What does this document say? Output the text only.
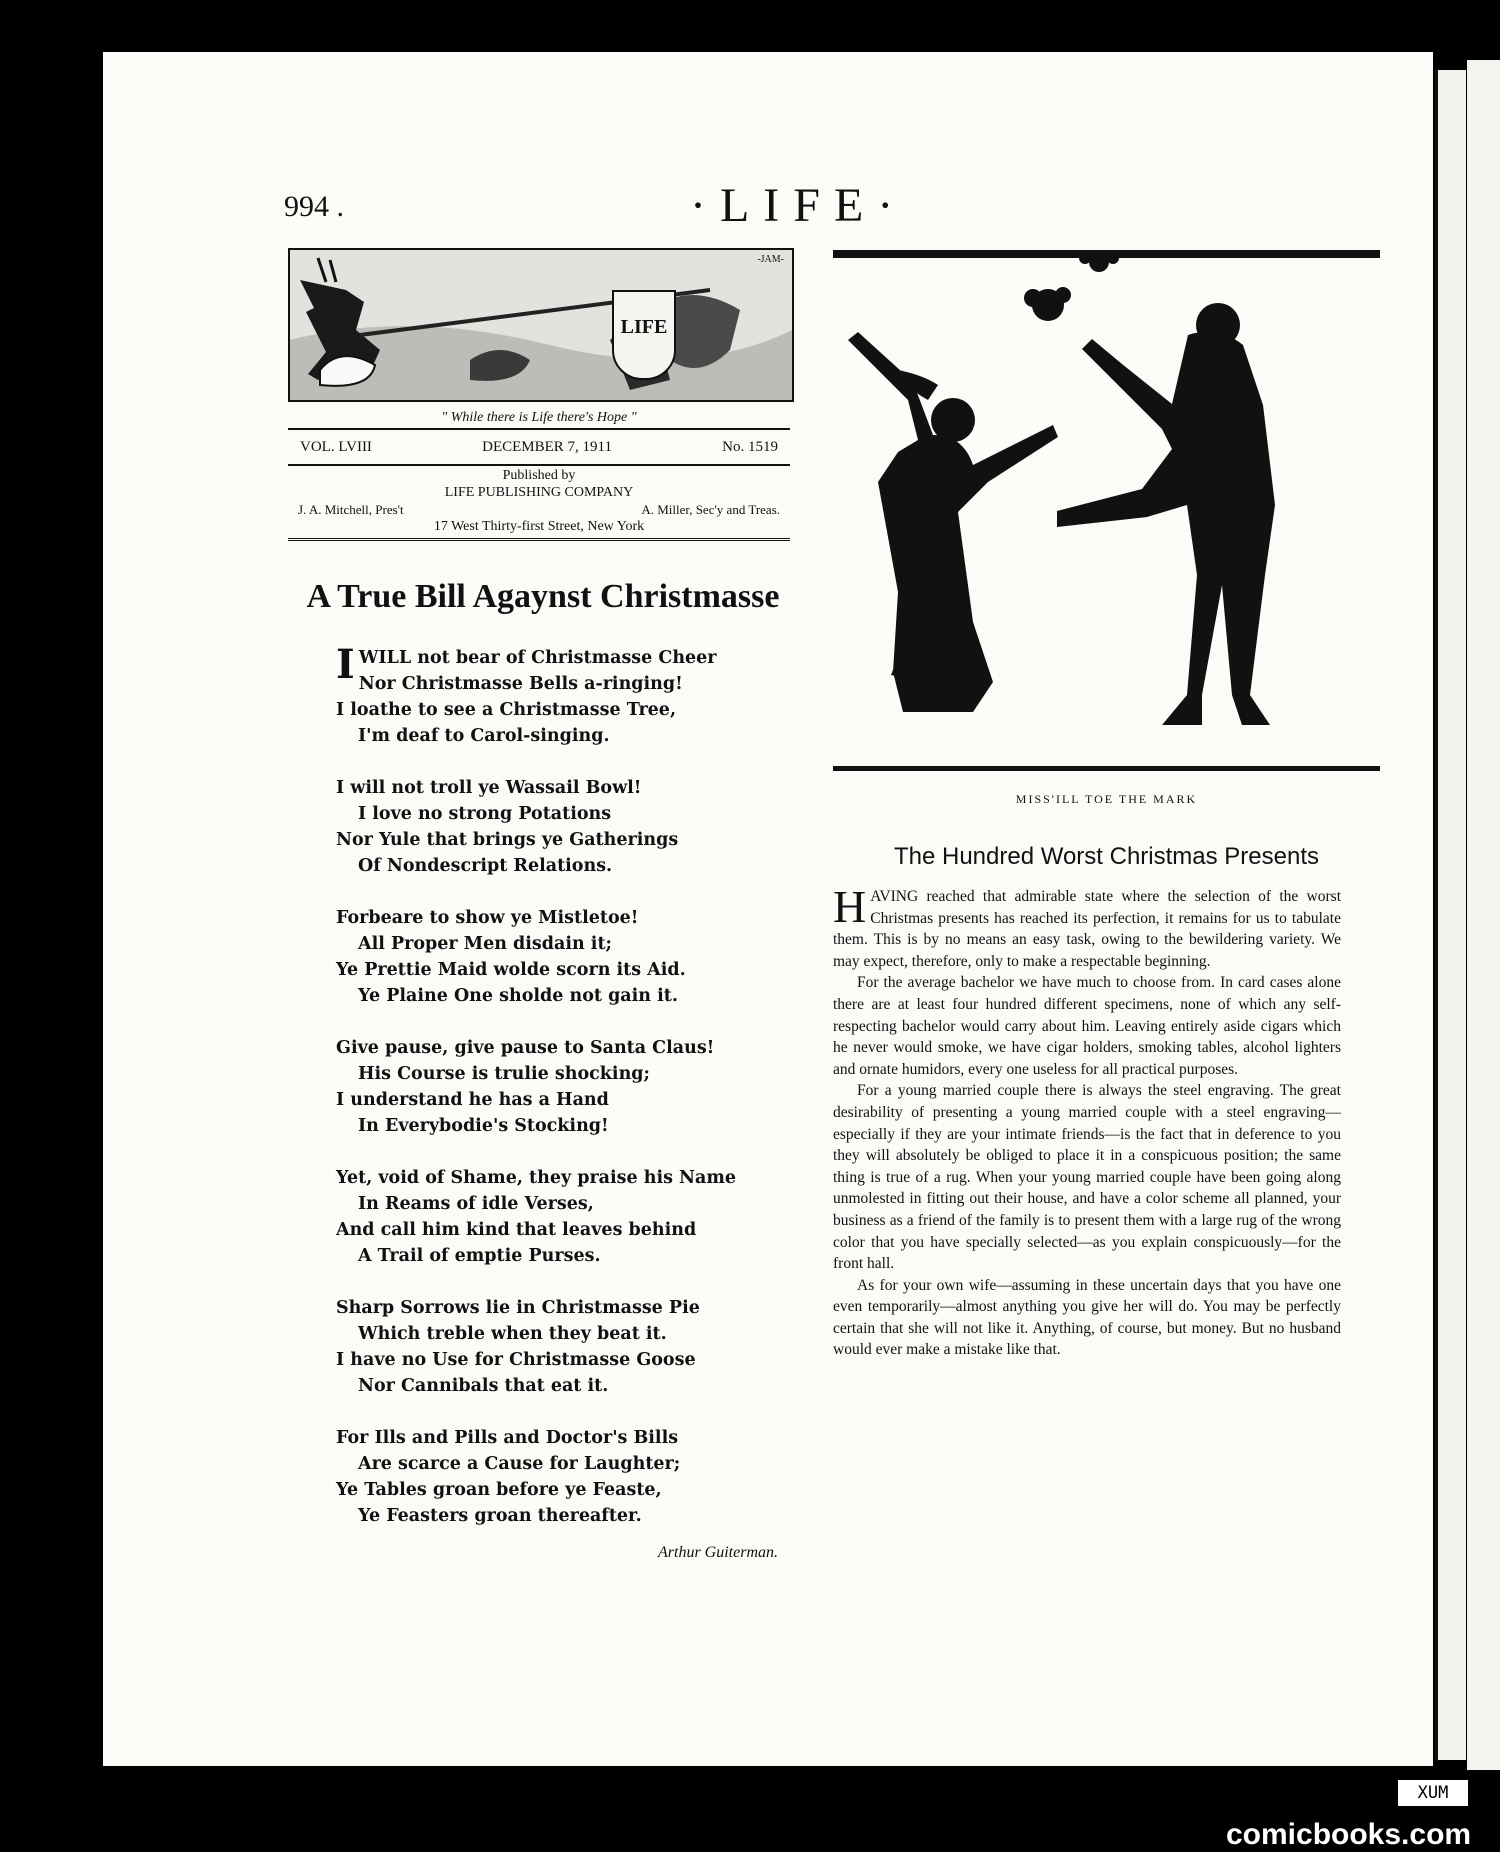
994 .	·LIFE·
-JAM-
LIFE
" While there is Life there's Hope "
VOL. LVIII	DECEMBER 7, 1911	No. 1519
Published by
LIFE PUBLISHING COMPANY
J. A. Mitchell, Pres't	A. Miller, Sec'y and Treas.
17 West Thirty-first Street, New York
A True Bill Agaynst Christmasse
IWILL not bear of Christmasse Cheer
Nor Christmasse Bells a-ringing!
I loathe to see a Christmasse Tree,
I'm deaf to Carol-singing.
I will not troll ye Wassail Bowl!
I love no strong Potations
Nor Yule that brings ye Gatherings
Of Nondescript Relations.
Forbeare to show ye Mistletoe!
All Proper Men disdain it;
Ye Prettie Maid wolde scorn its Aid.
Ye Plaine One sholde not gain it.
Give pause, give pause to Santa Claus!
His Course is trulie shocking;
I understand he has a Hand
In Everybodie's Stocking!
Yet, void of Shame, they praise his Name
In Reams of idle Verses,
And call him kind that leaves behind
A Trail of emptie Purses.
Sharp Sorrows lie in Christmasse Pie
Which treble when they beat it.
I have no Use for Christmasse Goose
Nor Cannibals that eat it.
For Ills and Pills and Doctor's Bills
Are scarce a Cause for Laughter;
Ye Tables groan before ye Feaste,
Ye Feasters groan thereafter.
Arthur Guiterman.
MISS'ILL TOE THE MARK
The Hundred Worst Christmas Presents

HAVING reached that admirable state where the selection of the worst Christmas presents has reached its perfection, it remains for us to tabulate them. This is by no means an easy task, owing to the bewildering variety. We may expect, therefore, only to make a respectable beginning.

For the average bachelor we have much to choose from. In card cases alone there are at least four hundred different specimens, none of which any self-respecting bachelor would carry about him. Leaving entirely aside cigars which he never would smoke, we have cigar holders, smoking tables, alcohol lighters and ornate humidors, every one useless for all practical purposes.

For a young married couple there is always the steel engraving. The great desirability of presenting a young married couple with a steel engraving—especially if they are your intimate friends—is the fact that in deference to you they will absolutely be obliged to place it in a conspicuous position; the same thing is true of a rug. When your young married couple have been going along unmolested in fitting out their house, and have a color scheme all planned, your business as a friend of the family is to present them with a large rug of the wrong color that you have specially selected—as you explain conspicuously—for the front hall.

As for your own wife—assuming in these uncertain days that you have one even temporarily—almost anything you give her will do. You may be perfectly certain that she will not like it. Anything, of course, but money. But no husband would ever make a mistake like that.

XUM
comicbooks.com
